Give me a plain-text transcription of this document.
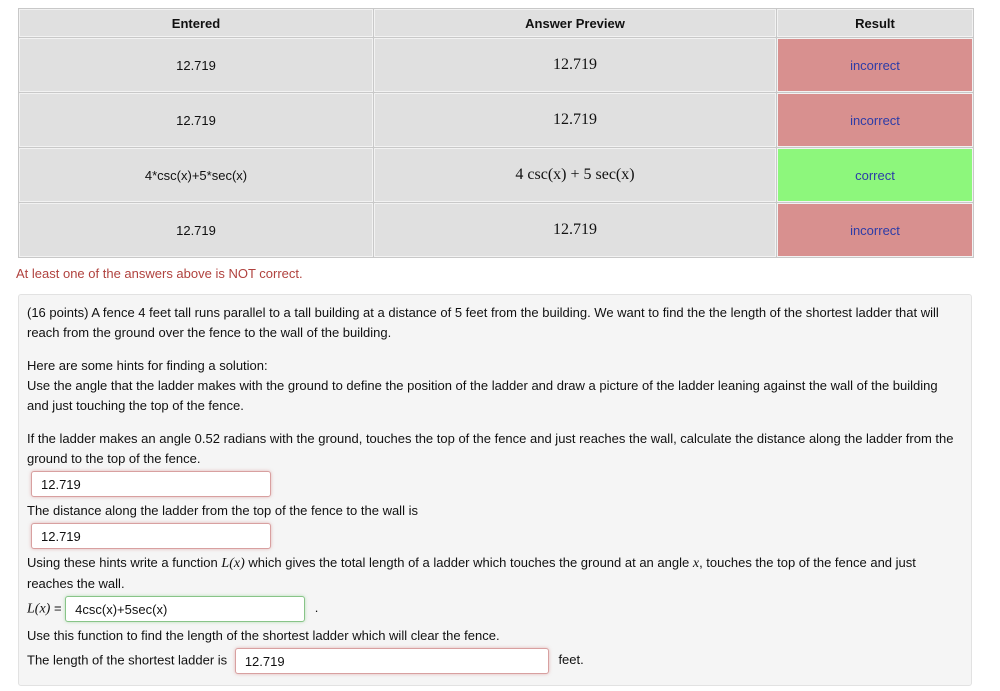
Entered	Answer Preview	Result
12.719	12.719	incorrect
12.719	12.719	incorrect
4*csc(x)+5*sec(x)	4 csc(x) + 5 sec(x)	correct
12.719	12.719	incorrect
At least one of the answers above is NOT correct.

(16 points) A fence 4 feet tall runs parallel to a tall building at a distance of 5 feet from the building. We want to find the the length of the shortest ladder that will reach from the ground over the fence to the wall of the building.

Here are some hints for finding a solution:

Use the angle that the ladder makes with the ground to define the position of the ladder and draw a picture of the ladder leaning against the wall of the building and just touching the top of the fence.

If the ladder makes an angle 0.52 radians with the ground, touches the top of the fence and just reaches the wall, calculate the distance along the ladder from the ground to the top of the fence.

12.719

The distance along the ladder from the top of the fence to the wall is

12.719

Using these hints write a function L(x) which gives the total length of a ladder which touches the ground at an angle x, touches the top of the fence and just reaches the wall.

L(x) = 4csc(x)+5sec(x)	.

Use this function to find the length of the shortest ladder which will clear the fence.

The length of the shortest ladder is 12.719	feet.
